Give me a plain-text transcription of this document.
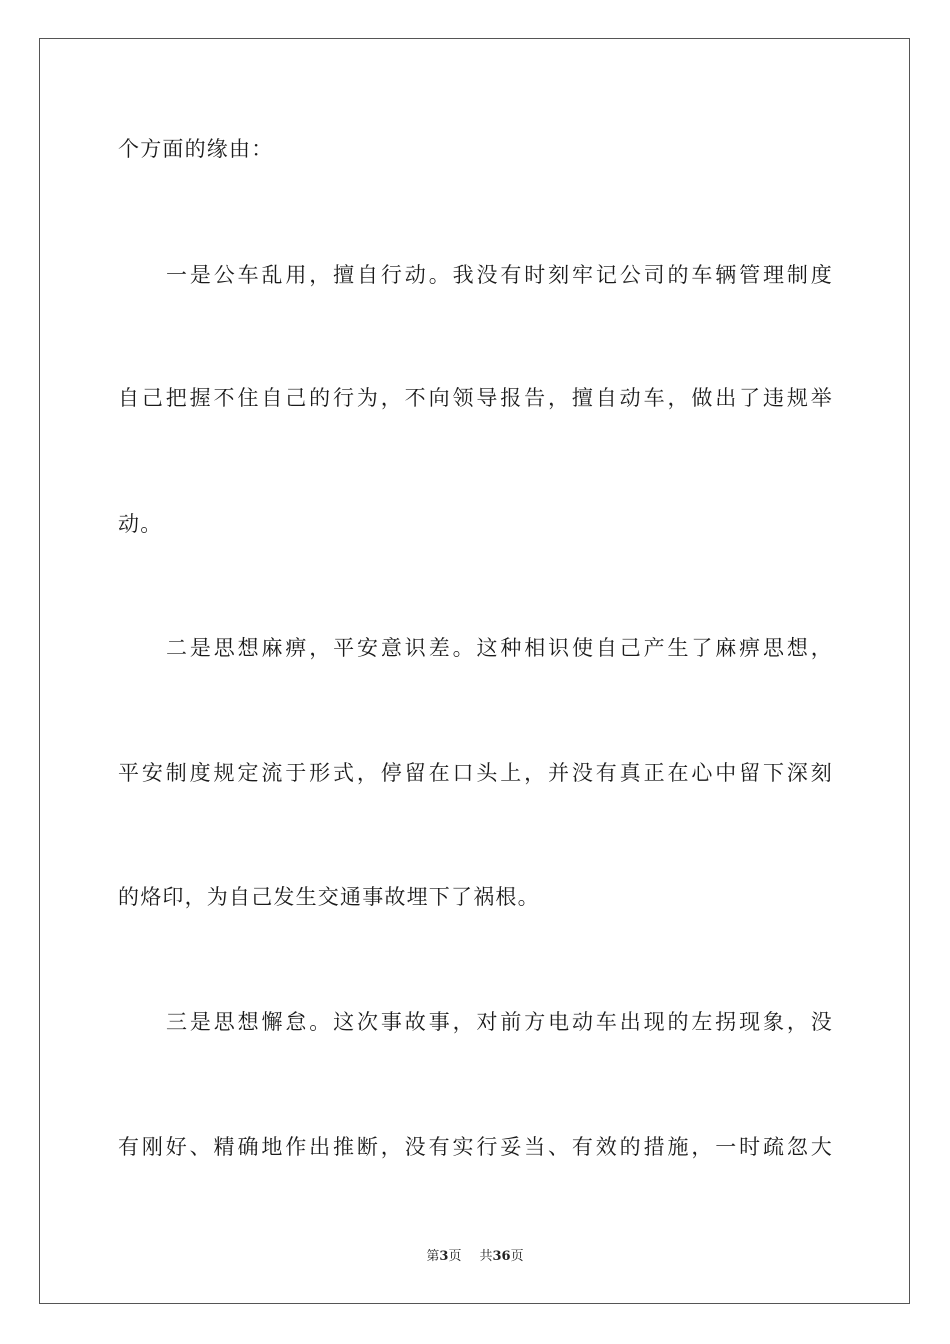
个方面的缘由：
一是公车乱用，擅自行动。我没有时刻牢记公司的车辆管理制度
自己把握不住自己的行为，不向领导报告，擅自动车，做出了违规举
动。
二是思想麻痹，平安意识差。这种相识使自己产生了麻痹思想，
平安制度规定流于形式，停留在口头上，并没有真正在心中留下深刻
的烙印，为自己发生交通事故埋下了祸根。
三是思想懈怠。这次事故事，对前方电动车出现的左拐现象，没
有刚好、精确地作出推断，没有实行妥当、有效的措施，一时疏忽大
第3页 共36页
